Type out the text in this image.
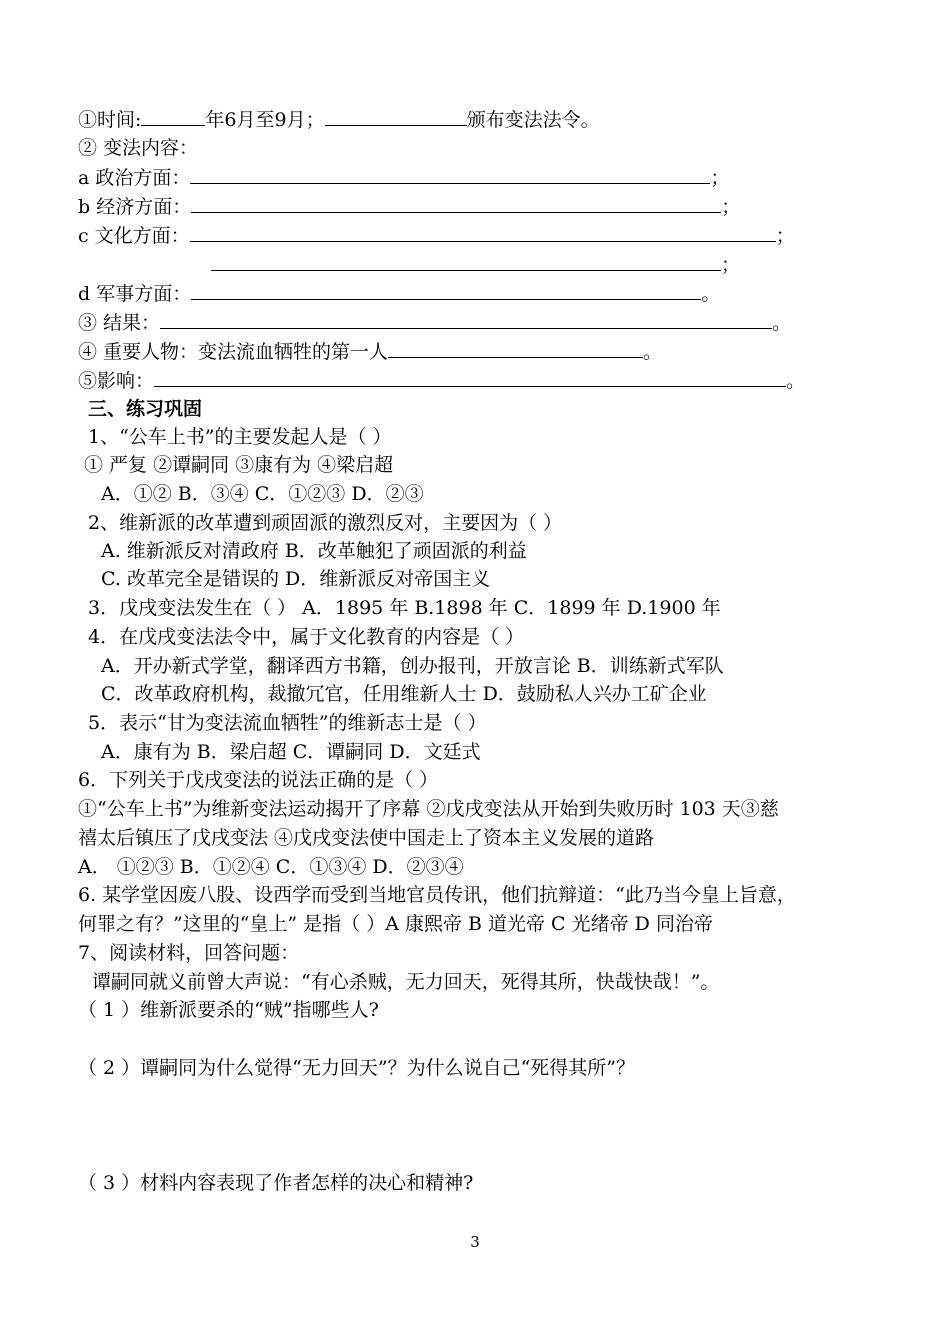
①时间:	年6月至9月；	颁布变法法令。
② 变法内容：
a 政治方面：	；
b 经济方面：	；
c 文化方面：	；
；
d 军事方面：	。
③ 结果：	。
④ 重要人物：变法流血牺牲的第一人	。
⑤影响：	。
三、练习巩固
1、“公车上书”的主要发起人是（ ）
① 严复 ②谭嗣同 ③康有为 ④梁启超
A．①② B．③④ C．①②③ D．②③
2、维新派的改革遭到顽固派的激烈反对，主要因为（ ）
A. 维新派反对清政府 B．改革触犯了顽固派的利益
C. 改革完全是错误的 D．维新派反对帝国主义
3．戊戌变法发生在（ ） A．1895 年 B.1898 年 C．1899 年 D.1900 年
4．在戊戌变法法令中，属于文化教育的内容是（ ）
A．开办新式学堂，翻译西方书籍，创办报刊，开放言论 B．训练新式军队
C．改革政府机构，裁撤冗官，任用维新人士 D．鼓励私人兴办工矿企业
5．表示“甘为变法流血牺牲”的维新志士是（ ）
A．康有为 B．梁启超 C．谭嗣同 D．文廷式
6．下列关于戊戌变法的说法正确的是（ ）
①“公车上书”为维新变法运动揭开了序幕 ②戊戌变法从开始到失败历时 103 天③慈
禧太后镇压了戊戌变法 ④戊戌变法使中国走上了资本主义发展的道路
A． ①②③ B．①②④ C．①③④ D．②③④
6. 某学堂因废八股、设西学而受到当地官员传讯，他们抗辩道：“此乃当今皇上旨意，
何罪之有？”这里的“皇上” 是指（ ）A 康熙帝 B 道光帝 C 光绪帝 D 同治帝
7、阅读材料，回答问题：
谭嗣同就义前曾大声说：“有心杀贼，无力回天，死得其所，快哉快哉！”。
（ 1 ）维新派要杀的“贼”指哪些人?
（ 2 ）谭嗣同为什么觉得“无力回天”？为什么说自己“死得其所”？
（ 3 ）材料内容表现了作者怎样的决心和精神?
3
